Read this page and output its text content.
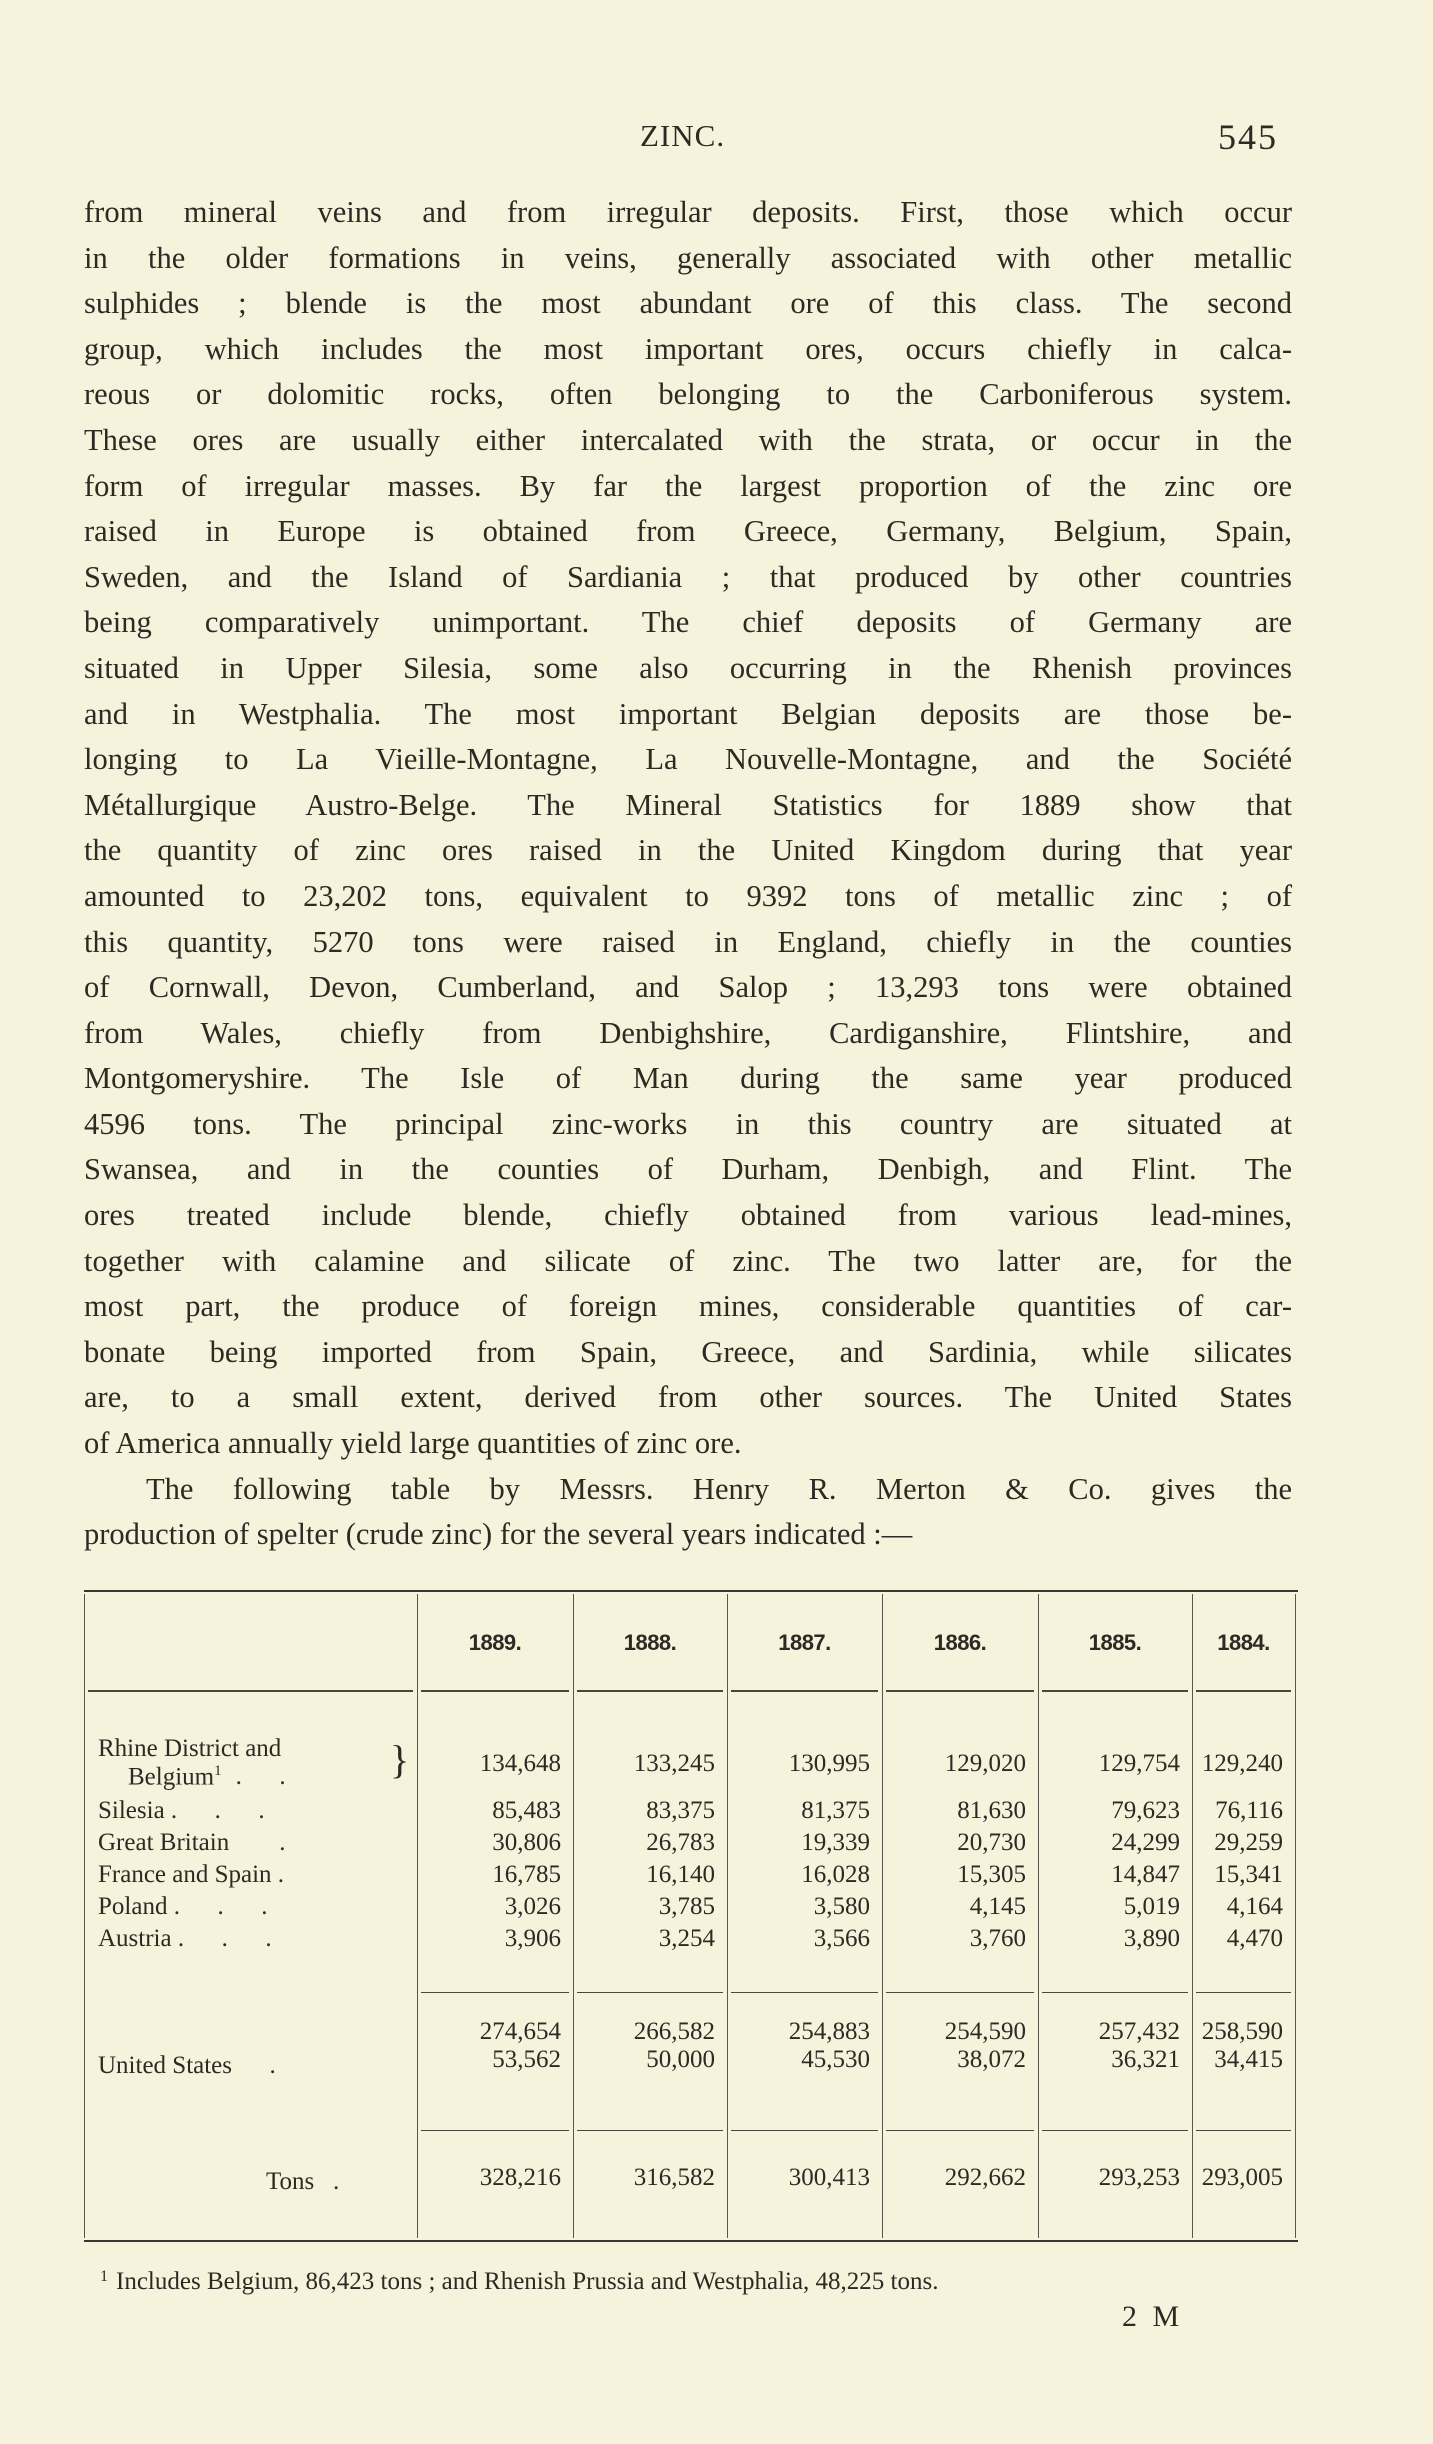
ZINC.	545
from mineral veins and from irregular deposits. First, those which occur
in the older formations in veins, generally associated with other metallic
sulphides ; blende is the most abundant ore of this class. The second
group, which includes the most important ores, occurs chiefly in calca-
reous or dolomitic rocks, often belonging to the Carboniferous system.
These ores are usually either intercalated with the strata, or occur in the
form of irregular masses. By far the largest proportion of the zinc ore
raised in Europe is obtained from Greece, Germany, Belgium, Spain,
Sweden, and the Island of Sardiania ; that produced by other countries
being comparatively unimportant. The chief deposits of Germany are
situated in Upper Silesia, some also occurring in the Rhenish provinces
and in Westphalia. The most important Belgian deposits are those be-
longing to La Vieille-Montagne, La Nouvelle-Montagne, and the Société
Métallurgique Austro-Belge. The Mineral Statistics for 1889 show that
the quantity of zinc ores raised in the United Kingdom during that year
amounted to 23,202 tons, equivalent to 9392 tons of metallic zinc ; of
this quantity, 5270 tons were raised in England, chiefly in the counties
of Cornwall, Devon, Cumberland, and Salop ; 13,293 tons were obtained
from Wales, chiefly from Denbighshire, Cardiganshire, Flintshire, and
Montgomeryshire. The Isle of Man during the same year produced
4596 tons. The principal zinc-works in this country are situated at
Swansea, and in the counties of Durham, Denbigh, and Flint. The
ores treated include blende, chiefly obtained from various lead-mines,
together with calamine and silicate of zinc. The two latter are, for the
most part, the produce of foreign mines, considerable quantities of car-
bonate being imported from Spain, Greece, and Sardinia, while silicates
are, to a small extent, derived from other sources. The United States
of America annually yield large quantities of zinc ore.
The following table by Messrs. Henry R. Merton & Co. gives the
production of spelter (crude zinc) for the several years indicated :—
1889.	1888.	1887.	1886.	1885.	1884.
Rhine District and
Belgium$^1$ .      .	}	134,648	133,245	130,995	129,020	129,754 129,240
Silesia .      .      .	85,483	83,375	81,375	81,630	79,623	76,116
Great Britain        .	30,806	26,783	19,339	20,730	24,299	29,259
France and Spain .	16,785	16,140	16,028	15,305	14,847	15,341
Poland .      .      .	3,026	3,785	3,580	4,145	5,019	4,164
Austria .      .      .	3,906	3,254	3,566	3,760	3,890	4,470
274,654	266,582	254,883	254,590	257,432 258,590
United States      .	53,562	50,000	45,530	38,072	36,321	34,415
Tons   .	328,216	316,582	300,413	292,662	293,253 293,005
$^1$ Includes Belgium, 86,423 tons ; and Rhenish Prussia and Westphalia, 48,225 tons.
2 M
